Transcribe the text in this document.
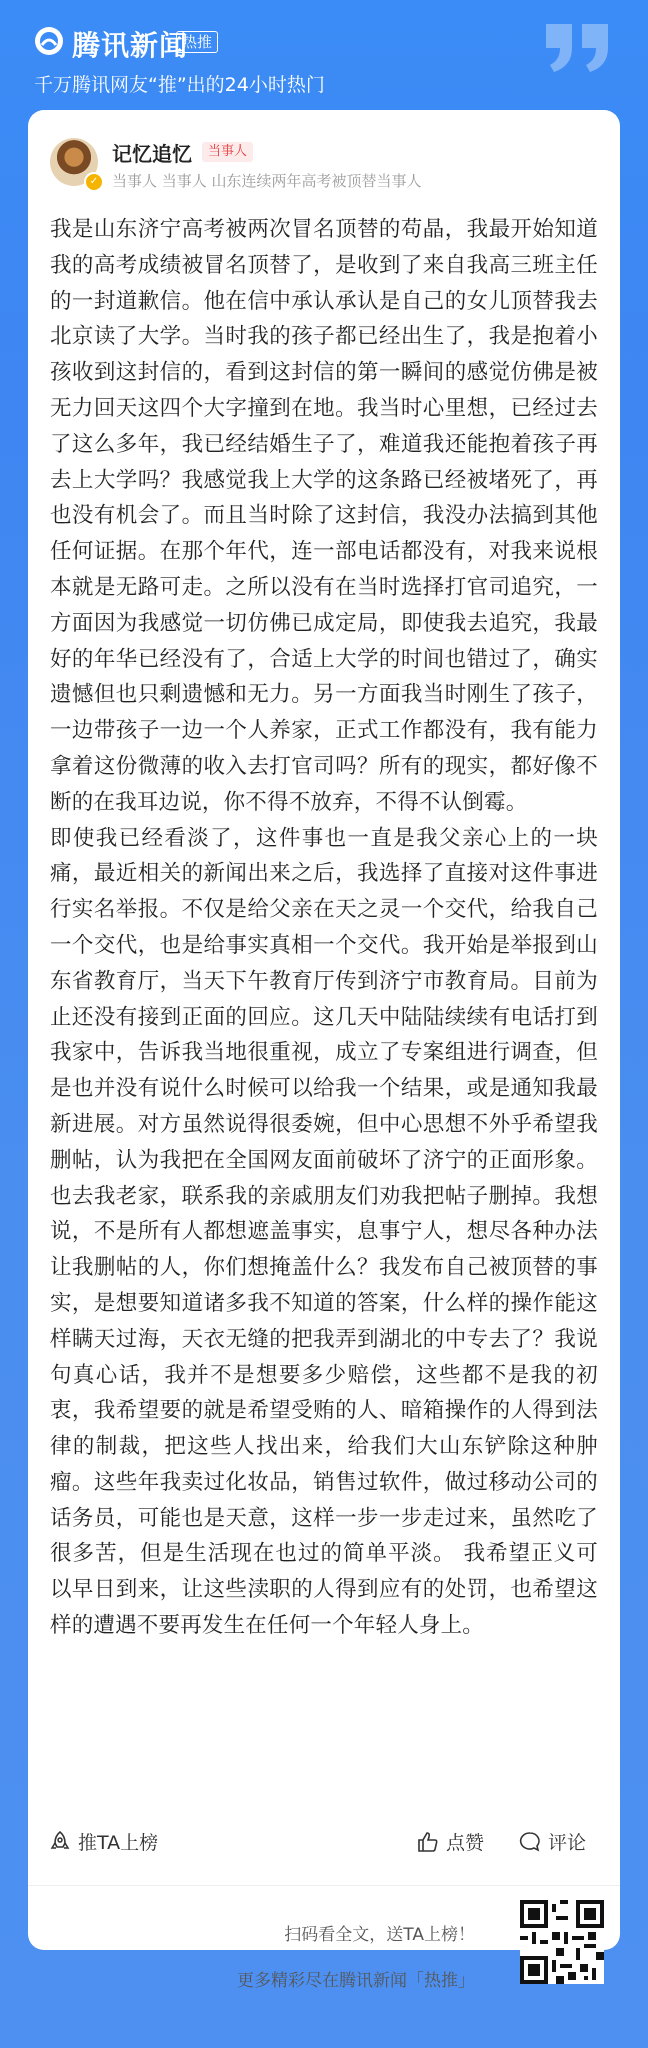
腾讯新闻
热推
千万腾讯网友“推”出的24小时热门
✓
记忆追忆	当事人
当事人 当事人 山东连续两年高考被顶替当事人

我是山东济宁高考被两次冒名顶替的苟晶，我最开始知道我的高考成绩被冒名顶替了，是收到了来自我高三班主任的一封道歉信。他在信中承认承认是自己的女儿顶替我去北京读了大学。当时我的孩子都已经出生了，我是抱着小孩收到这封信的，看到这封信的第一瞬间的感觉仿佛是被无力回天这四个大字撞到在地。我当时心里想，已经过去了这么多年，我已经结婚生子了，难道我还能抱着孩子再去上大学吗？我感觉我上大学的这条路已经被堵死了，再也没有机会了。而且当时除了这封信，我没办法搞到其他任何证据。在那个年代，连一部电话都没有，对我来说根本就是无路可走。之所以没有在当时选择打官司追究，一方面因为我感觉一切仿佛已成定局，即使我去追究，我最好的年华已经没有了，合适上大学的时间也错过了，确实遗憾但也只剩遗憾和无力。另一方面我当时刚生了孩子，一边带孩子一边一个人养家，正式工作都没有，我有能力拿着这份微薄的收入去打官司吗？所有的现实，都好像不断的在我耳边说，你不得不放弃，不得不认倒霉。

即使我已经看淡了，这件事也一直是我父亲心上的一块痛，最近相关的新闻出来之后，我选择了直接对这件事进行实名举报。不仅是给父亲在天之灵一个交代，给我自己一个交代，也是给事实真相一个交代。我开始是举报到山东省教育厅，当天下午教育厅传到济宁市教育局。目前为止还没有接到正面的回应。这几天中陆陆续续有电话打到我家中，告诉我当地很重视，成立了专案组进行调查，但是也并没有说什么时候可以给我一个结果，或是通知我最新进展。对方虽然说得很委婉，但中心思想不外乎希望我删帖，认为我把在全国网友面前破坏了济宁的正面形象。也去我老家，联系我的亲戚朋友们劝我把帖子删掉。我想说，不是所有人都想遮盖事实，息事宁人，想尽各种办法让我删帖的人，你们想掩盖什么？我发布自己被顶替的事实，是想要知道诸多我不知道的答案，什么样的操作能这样瞒天过海，天衣无缝的把我弄到湖北的中专去了？我说句真心话，我并不是想要多少赔偿，这些都不是我的初衷，我希望要的就是希望受贿的人、暗箱操作的人得到法律的制裁，把这些人找出来，给我们大山东铲除这种肿瘤。这些年我卖过化妆品，销售过软件，做过移动公司的话务员，可能也是天意，这样一步一步走过来，虽然吃了很多苦，但是生活现在也过的简单平淡。 我希望正义可以早日到来，让这些渎职的人得到应有的处罚，也希望这样的遭遇不要再发生在任何一个年轻人身上。

推TA上榜	点赞	评论
扫码看全文，送TA上榜！
更多精彩尽在腾讯新闻「热推」
